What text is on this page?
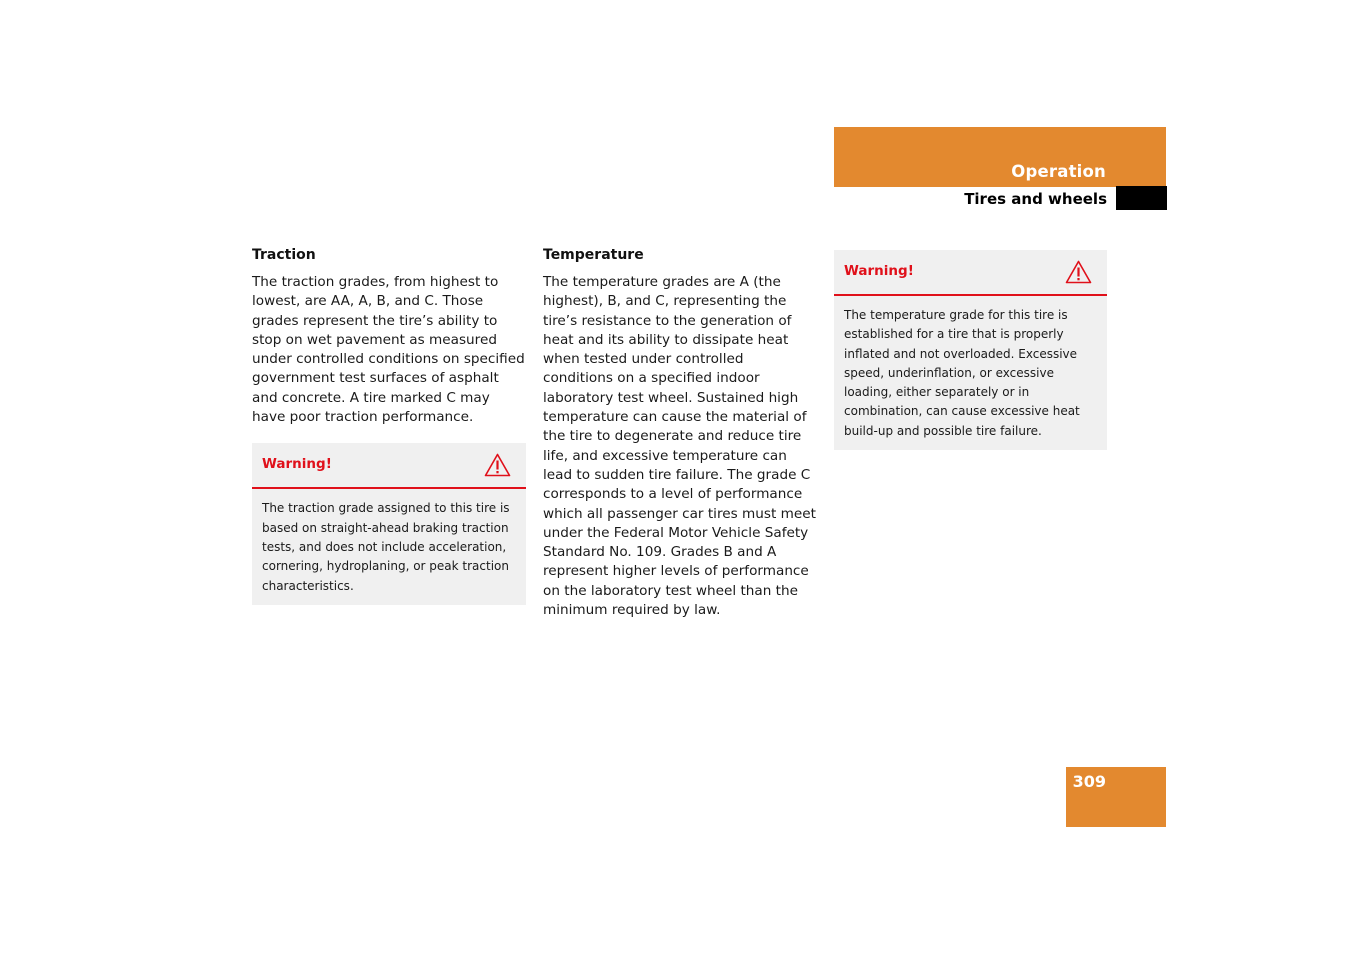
Operation
Tires and wheels
Traction

The traction grades, from highest to lowest, are AA, A, B, and C. Those grades represent the tire’s ability to stop on wet pavement as measured under controlled conditions on specified government test surfaces of asphalt and concrete. A tire marked C may have poor traction performance.

Warning!

The traction grade assigned to this tire is based on straight-ahead braking traction tests, and does not include acceleration, cornering, hydroplaning, or peak traction characteristics.

Temperature

The temperature grades are A (the highest), B, and C, representing the tire’s resistance to the generation of heat and its ability to dissipate heat when tested under controlled conditions on a specified indoor laboratory test wheel. Sustained high temperature can cause the material of the tire to degenerate and reduce tire life, and excessive temperature can lead to sudden tire failure. The grade C corresponds to a level of performance which all passenger car tires must meet under the Federal Motor Vehicle Safety Standard No. 109. Grades B and A represent higher levels of performance on the laboratory test wheel than the minimum required by law.

Warning!

The temperature grade for this tire is established for a tire that is properly inflated and not overloaded. Excessive speed, underinflation, or excessive loading, either separately or in combination, can cause excessive heat build-up and possible tire failure.

309
